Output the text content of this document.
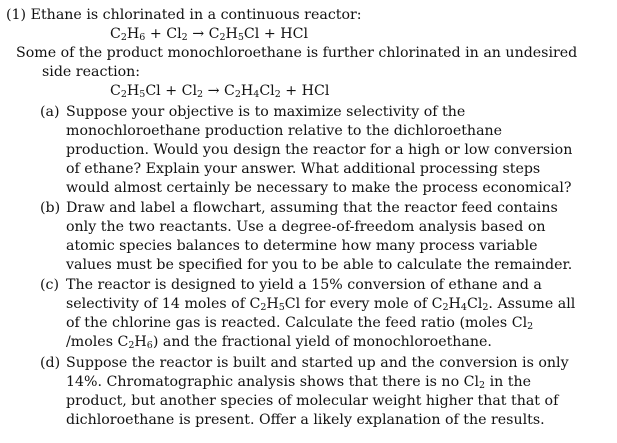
(1) Ethane is chlorinated in a continuous reactor:
$C_2H_6 + Cl_2 \to C_2H_5Cl$ + HCl
Some of the product monochloroethane is further chlorinated in an undesired
side reaction:
$C_2H_5Cl + Cl_2 \to C_2H_4Cl_2$ + HCl
(a) Suppose your objective is to maximize selectivity of the
monochloroethane production relative to the dichloroethane
production. Would you design the reactor for a high or low conversion
of ethane? Explain your answer. What additional processing steps
would almost certainly be necessary to make the process economical?
(b) Draw and label a flowchart, assuming that the reactor feed contains
only the two reactants. Use a degree-of-freedom analysis based on
atomic species balances to determine how many process variable
values must be specified for you to be able to calculate the remainder.
(c) The reactor is designed to yield a 15% conversion of ethane and a
selectivity of 14 moles of $C_2H_5Cl$ for every mole of $C_2H_4Cl_2$. Assume all
of the chlorine gas is reacted. Calculate the feed ratio (moles $Cl_2$
/moles $C_2H_6$) and the fractional yield of monochloroethane.
(d) Suppose the reactor is built and started up and the conversion is only
14%. Chromatographic analysis shows that there is no $Cl_2$ in the
product, but another species of molecular weight higher that that of
dichloroethane is present. Offer a likely explanation of the results.
